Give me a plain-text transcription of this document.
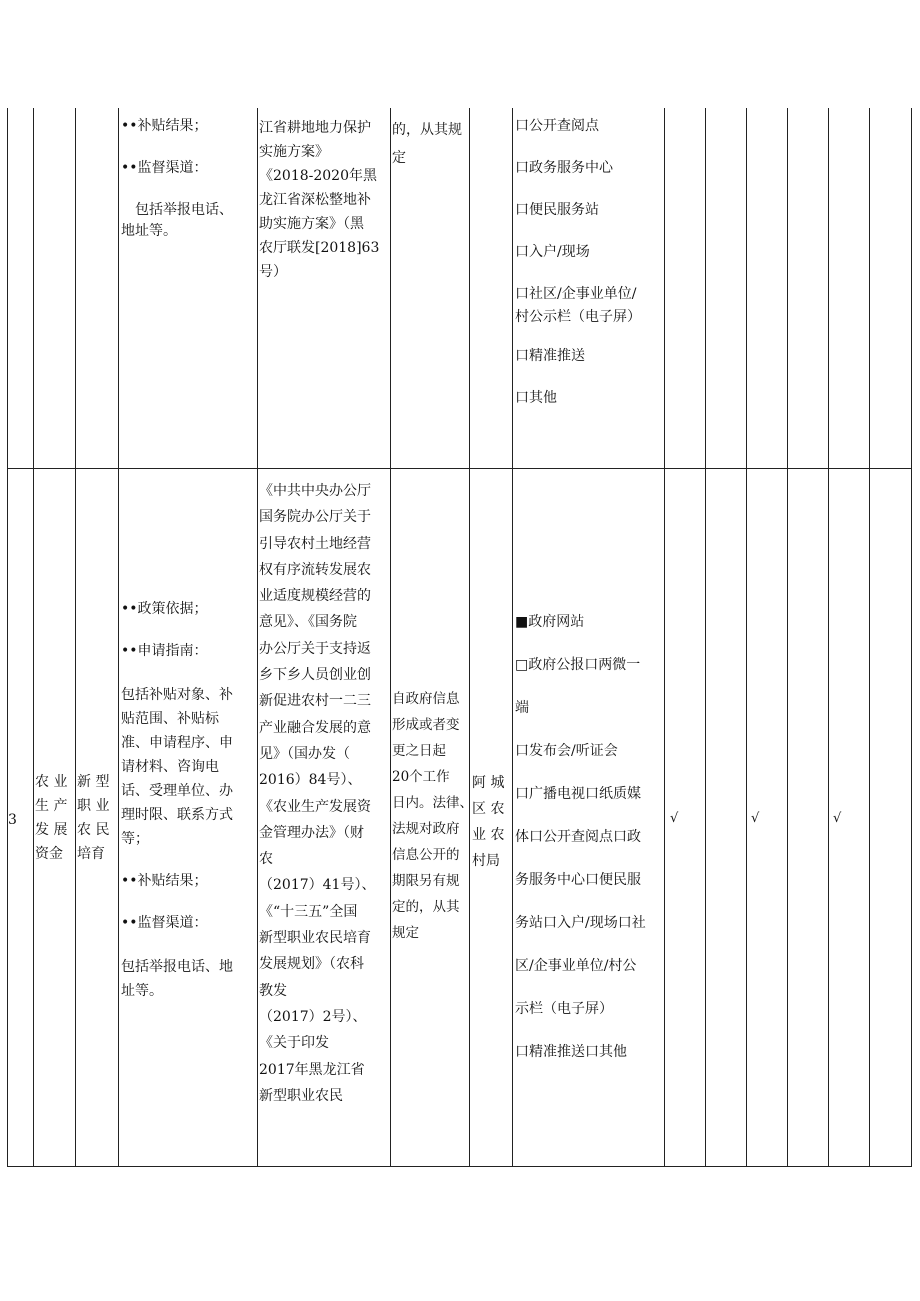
••补贴结果；
••监督渠道：
包括举报电话、
地址等。
江省耕地地力保护
实施方案》
《2018-2020年黑
龙江省深松整地补
助实施方案》（黑
农厅联发[2018]63
号）
的，从其规
定
口公开查阅点
口政务服务中心
口便民服务站
口入户/现场
口社区/企事业单位/
村公示栏（电子屏）
口精准推送
口其他
3
农 业
生 产
发 展
资金
新 型
职 业
农 民
培育
••政策依据；
••申请指南：
包括补贴对象、补
贴范围、补贴标
准、申请程序、申
请材料、咨询电
话、受理单位、办
理时限、联系方式
等；
••补贴结果；
••监督渠道：
包括举报电话、地
址等。
《中共中央办公厅
国务院办公厅关于
引导农村土地经营
权有序流转发展农
业适度规模经营的
意见》、《国务院
办公厅关于支持返
乡下乡人员创业创
新促进农村一二三
产业融合发展的意
见》（国办发（
2016）84号）、
《农业生产发展资
金管理办法》（财
农
（2017）41号）、
《“十三五”全国
新型职业农民培育
发展规划》（农科
教发
（2017）2号）、
《关于印发
2017年黑龙江省
新型职业农民
自政府信息
形成或者变
更之日起
20个工作
日内。法律、
法规对政府
信息公开的
期限另有规
定的，从其
规定
阿 城
区 农
业 农
村局
■政府网站
□政府公报口两微一
端
口发布会/听证会
口广播电视口纸质媒
体口公开查阅点口政
务服务中心口便民服
务站口入户/现场口社
区/企事业单位/村公
示栏（电子屏）
口精准推送口其他
√	√	√
